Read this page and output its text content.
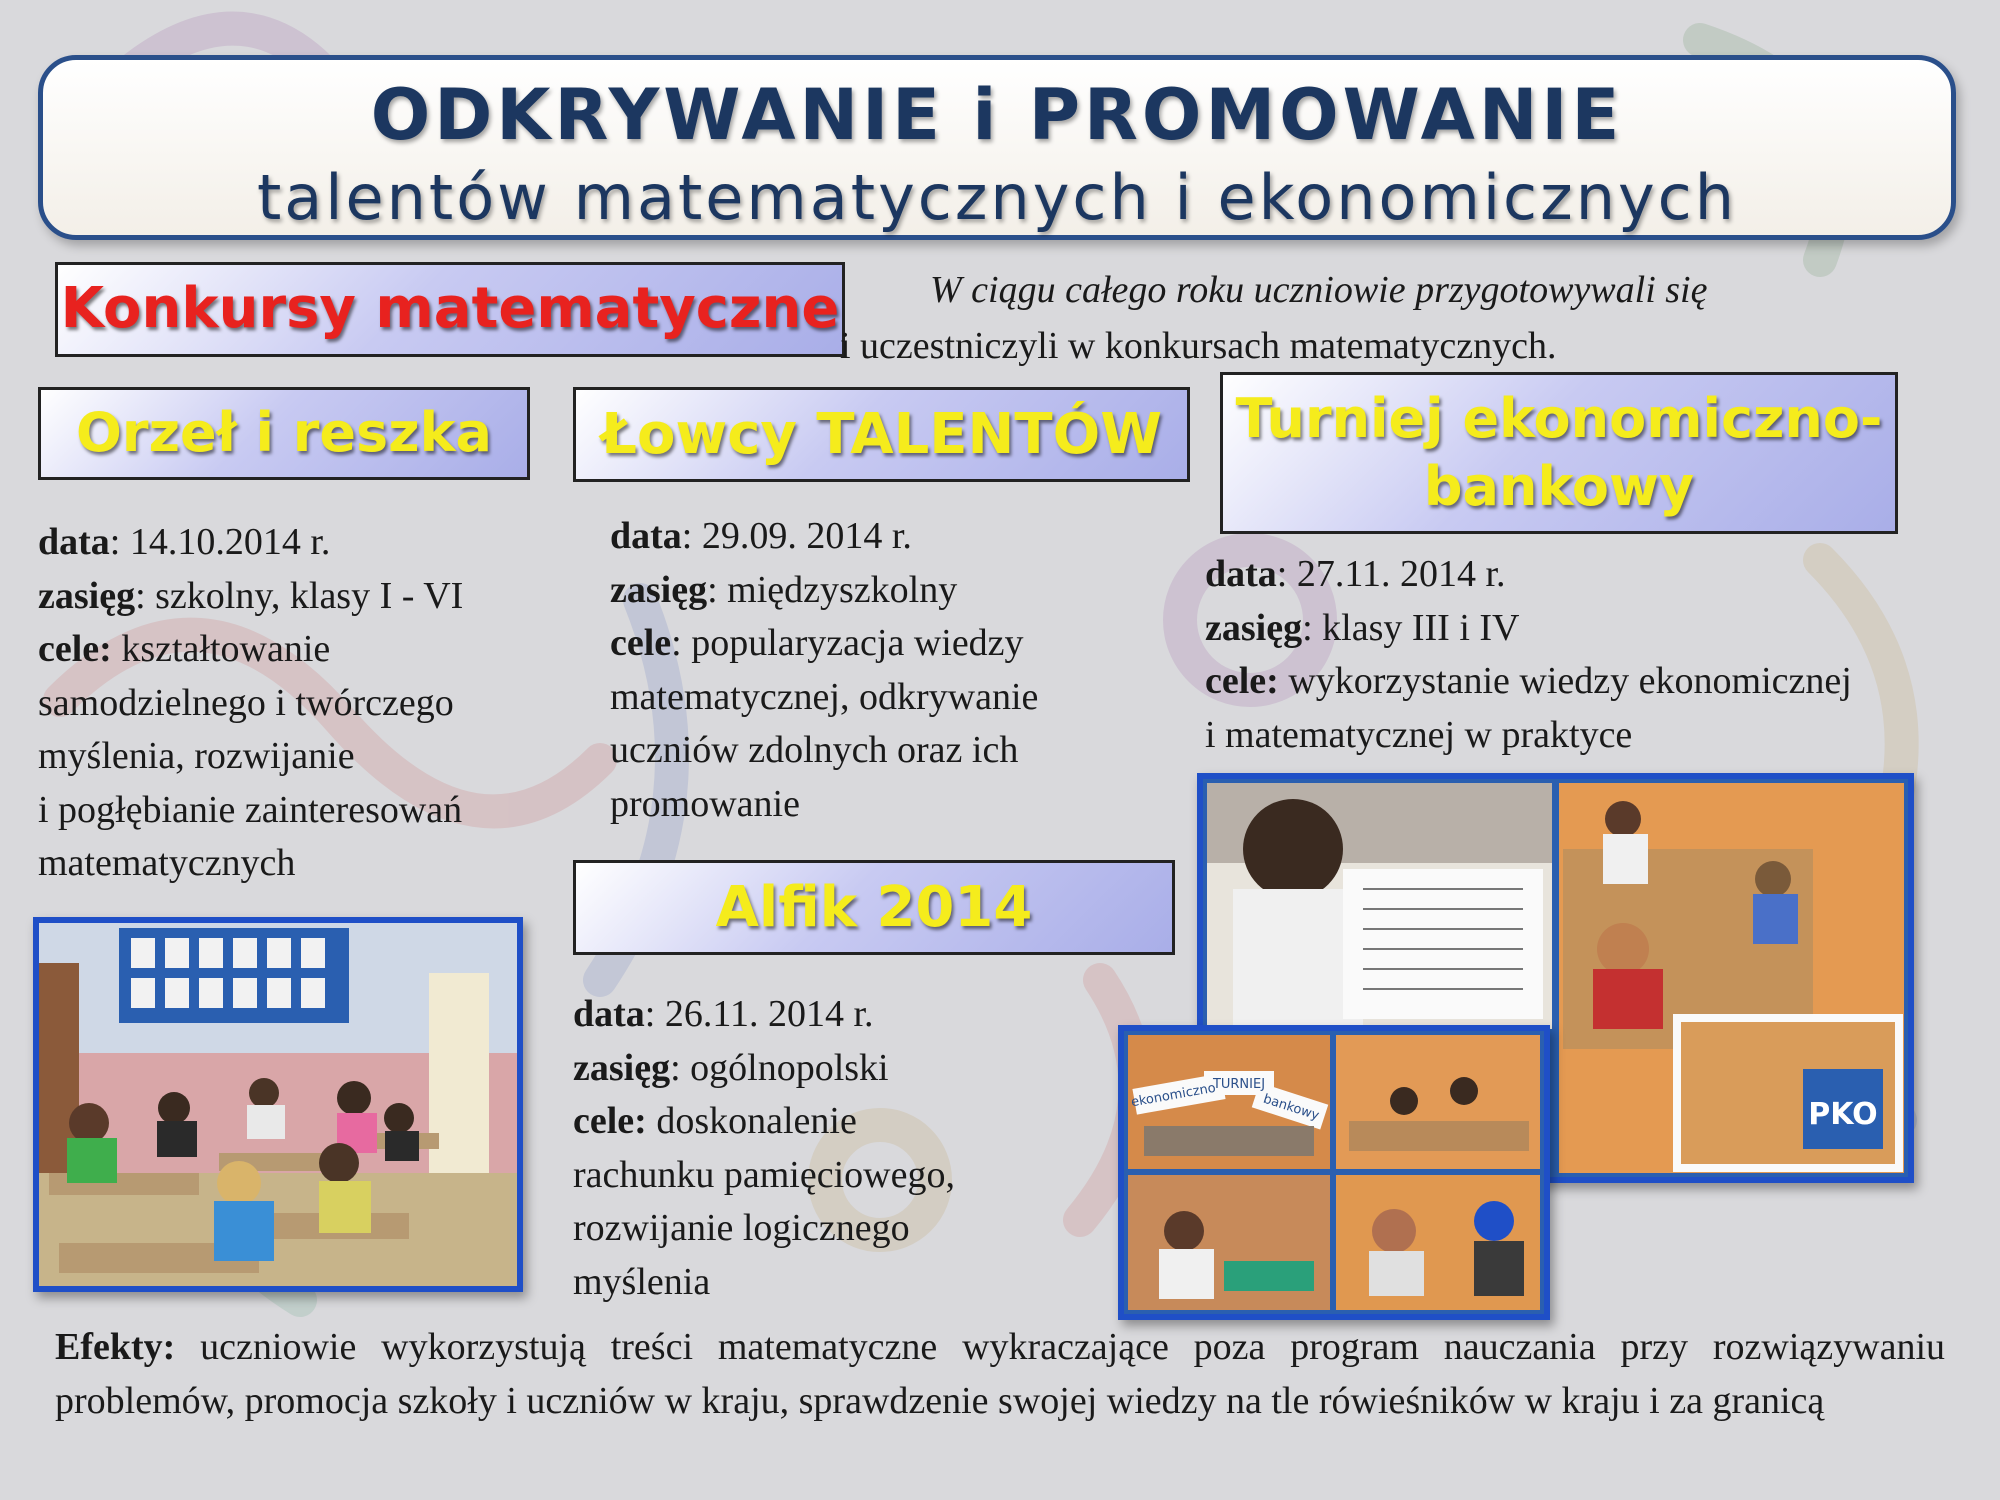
ODKRYWANIE i PROMOWANIE
talentów matematycznych i ekonomicznych
Konkursy matematyczne	W ciągu całego roku uczniowie przygotowywali się
i uczestniczyli w konkursach matematycznych.
Orzeł i reszka	Łowcy TALENTÓW	Turniej ekonomiczno-
bankowy
Alfik 2014
data: 14.10.2014 r.
zasięg: szkolny, klasy I - VI
cele: kształtowanie
samodzielnego i twórczego
myślenia, rozwijanie
i pogłębianie zainteresowań
matematycznych
data: 29.09. 2014 r.
zasięg: międzyszkolny
cele: popularyzacja wiedzy
matematycznej, odkrywanie
uczniów zdolnych oraz ich
promowanie
data: 27.11. 2014 r.
zasięg: klasy III i IV
cele: wykorzystanie wiedzy ekonomicznej
i matematycznej w praktyce
data: 26.11. 2014 r.
zasięg: ogólnopolski
cele: doskonalenie
rachunku pamięciowego,
rozwijanie logicznego
myślenia
PKO
ekonomiczno
TURNIEJ
bankowy
Efekty: uczniowie wykorzystują treści matematyczne wykraczające poza program nauczania przy rozwiązywaniu problemów, promocja szkoły i uczniów w kraju, sprawdzenie swojej wiedzy na tle rówieśników w kraju i za granicą
